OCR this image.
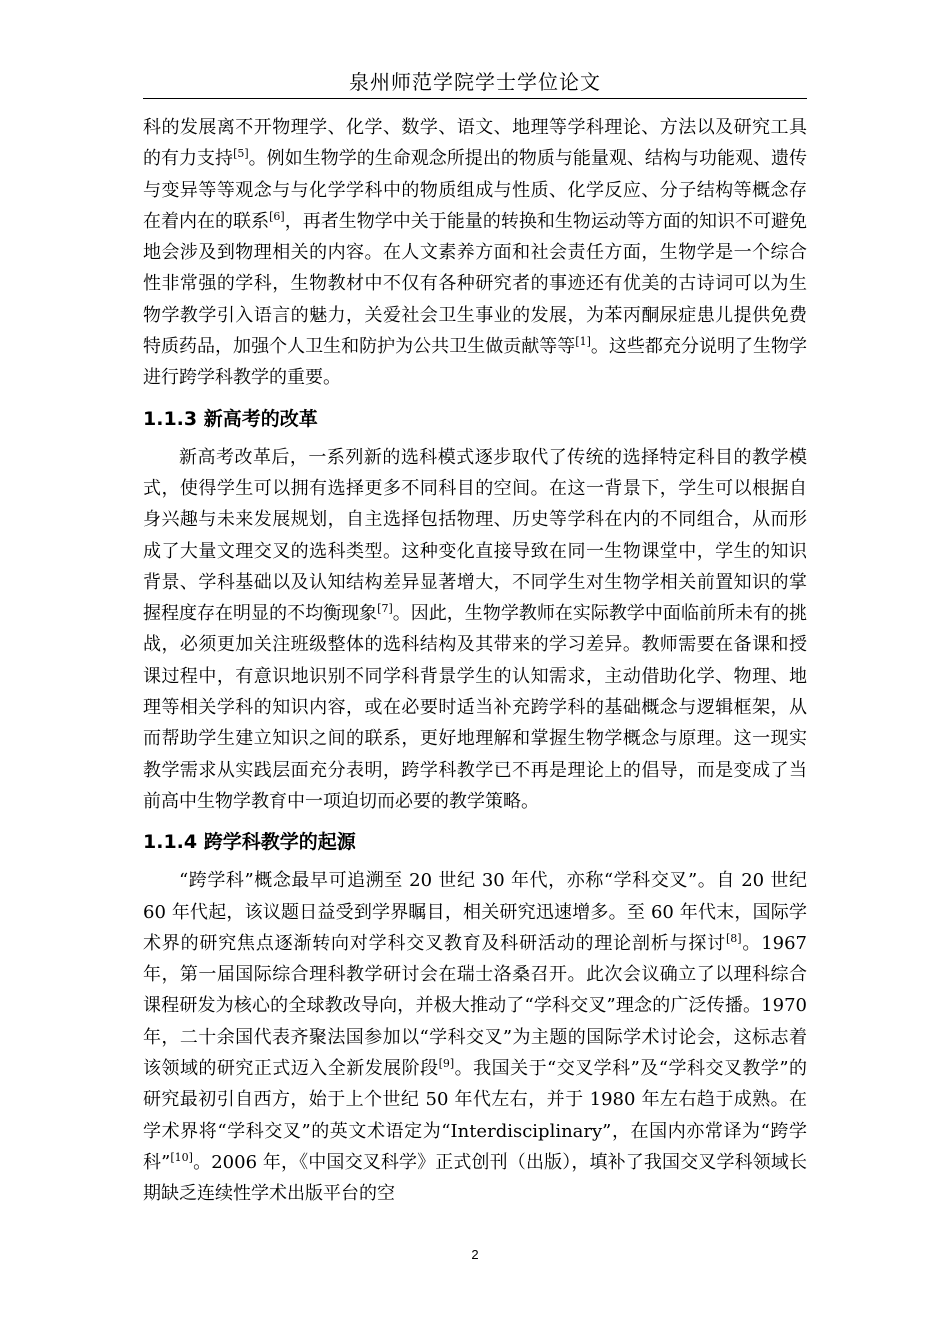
泉州师范学院学士学位论文

科的发展离不开物理学、化学、数学、语文、地理等学科理论、方法以及研究工具的有力支持[5]。例如生物学的生命观念所提出的物质与能量观、结构与功能观、遗传与变异等等观念与与化学学科中的物质组成与性质、化学反应、分子结构等概念存在着内在的联系[6]，再者生物学中关于能量的转换和生物运动等方面的知识不可避免地会涉及到物理相关的内容。在人文素养方面和社会责任方面，生物学是一个综合性非常强的学科，生物教材中不仅有各种研究者的事迹还有优美的古诗词可以为生物学教学引入语言的魅力，关爱社会卫生事业的发展，为苯丙酮尿症患儿提供免费特质药品，加强个人卫生和防护为公共卫生做贡献等等[1]。这些都充分说明了生物学进行跨学科教学的重要。

1.1.3 新高考的改革

新高考改革后，一系列新的选科模式逐步取代了传统的选择特定科目的教学模式，使得学生可以拥有选择更多不同科目的空间。在这一背景下，学生可以根据自身兴趣与未来发展规划，自主选择包括物理、历史等学科在内的不同组合，从而形成了大量文理交叉的选科类型。这种变化直接导致在同一生物课堂中，学生的知识背景、学科基础以及认知结构差异显著增大，不同学生对生物学相关前置知识的掌握程度存在明显的不均衡现象[7]。因此，生物学教师在实际教学中面临前所未有的挑战，必须更加关注班级整体的选科结构及其带来的学习差异。教师需要在备课和授课过程中，有意识地识别不同学科背景学生的认知需求，主动借助化学、物理、地理等相关学科的知识内容，或在必要时适当补充跨学科的基础概念与逻辑框架，从而帮助学生建立知识之间的联系，更好地理解和掌握生物学概念与原理。这一现实教学需求从实践层面充分表明，跨学科教学已不再是理论上的倡导，而是变成了当前高中生物学教育中一项迫切而必要的教学策略。

1.1.4 跨学科教学的起源

“跨学科”概念最早可追溯至 20 世纪 30 年代，亦称“学科交叉”。自 20 世纪 60 年代起，该议题日益受到学界瞩目，相关研究迅速增多。至 60 年代末，国际学术界的研究焦点逐渐转向对学科交叉教育及科研活动的理论剖析与探讨[8]。1967 年，第一届国际综合理科教学研讨会在瑞士洛桑召开。此次会议确立了以理科综合课程研发为核心的全球教改导向，并极大推动了“学科交叉”理念的广泛传播。1970 年，二十余国代表齐聚法国参加以“学科交叉”为主题的国际学术讨论会，这标志着该领域的研究正式迈入全新发展阶段[9]。我国关于“交叉学科”及“学科交叉教学”的研究最初引自西方，始于上个世纪 50 年代左右，并于 1980 年左右趋于成熟。在学术界将“学科交叉”的英文术语定为“Interdisciplinary”，在国内亦常译为“跨学科”[10]。2006 年，《中国交叉科学》正式创刊（出版），填补了我国交叉学科领域长期缺乏连续性学术出版平台的空

2
